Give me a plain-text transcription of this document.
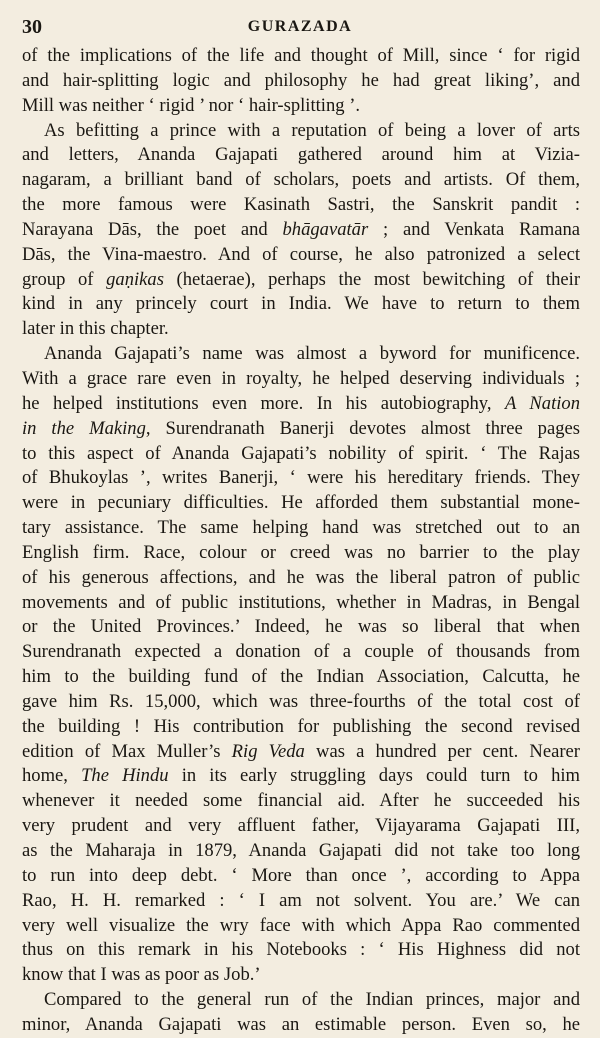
30	GURAZADA
of the implications of the life and thought of Mill, since ‘ for rigid
and hair-splitting logic and philosophy he had great liking’, and
Mill was neither ‘ rigid ’ nor ‘ hair-splitting ’.
As befitting a prince with a reputation of being a lover of arts
and letters, Ananda Gajapati gathered around him at Vizia-
nagaram, a brilliant band of scholars, poets and artists. Of them,
the more famous were Kasinath Sastri, the Sanskrit pandit :
Narayana Dās, the poet and bhāgavatār ; and Venkata Ramana
Dās, the Vina-maestro. And of course, he also patronized a select
group of gaṇikas (hetaerae), perhaps the most bewitching of their
kind in any princely court in India. We have to return to them
later in this chapter.
Ananda Gajapati’s name was almost a byword for munificence.
With a grace rare even in royalty, he helped deserving individuals ;
he helped institutions even more. In his autobiography, A Nation
in the Making, Surendranath Banerji devotes almost three pages
to this aspect of Ananda Gajapati’s nobility of spirit. ‘ The Rajas
of Bhukoylas ’, writes Banerji, ‘ were his hereditary friends. They
were in pecuniary difficulties. He afforded them substantial mone-
tary assistance. The same helping hand was stretched out to an
English firm. Race, colour or creed was no barrier to the play
of his generous affections, and he was the liberal patron of public
movements and of public institutions, whether in Madras, in Bengal
or the United Provinces.’ Indeed, he was so liberal that when
Surendranath expected a donation of a couple of thousands from
him to the building fund of the Indian Association, Calcutta, he
gave him Rs. 15,000, which was three-fourths of the total cost of
the building ! His contribution for publishing the second revised
edition of Max Muller’s Rig Veda was a hundred per cent. Nearer
home, The Hindu in its early struggling days could turn to him
whenever it needed some financial aid. After he succeeded his
very prudent and very affluent father, Vijayarama Gajapati III,
as the Maharaja in 1879, Ananda Gajapati did not take too long
to run into deep debt. ‘ More than once ’, according to Appa
Rao, H. H. remarked : ‘ I am not solvent. You are.’ We can
very well visualize the wry face with which Appa Rao commented
thus on this remark in his Notebooks : ‘ His Highness did not
know that I was as poor as Job.’
Compared to the general run of the Indian princes, major and
minor, Ananda Gajapati was an estimable person. Even so, he
